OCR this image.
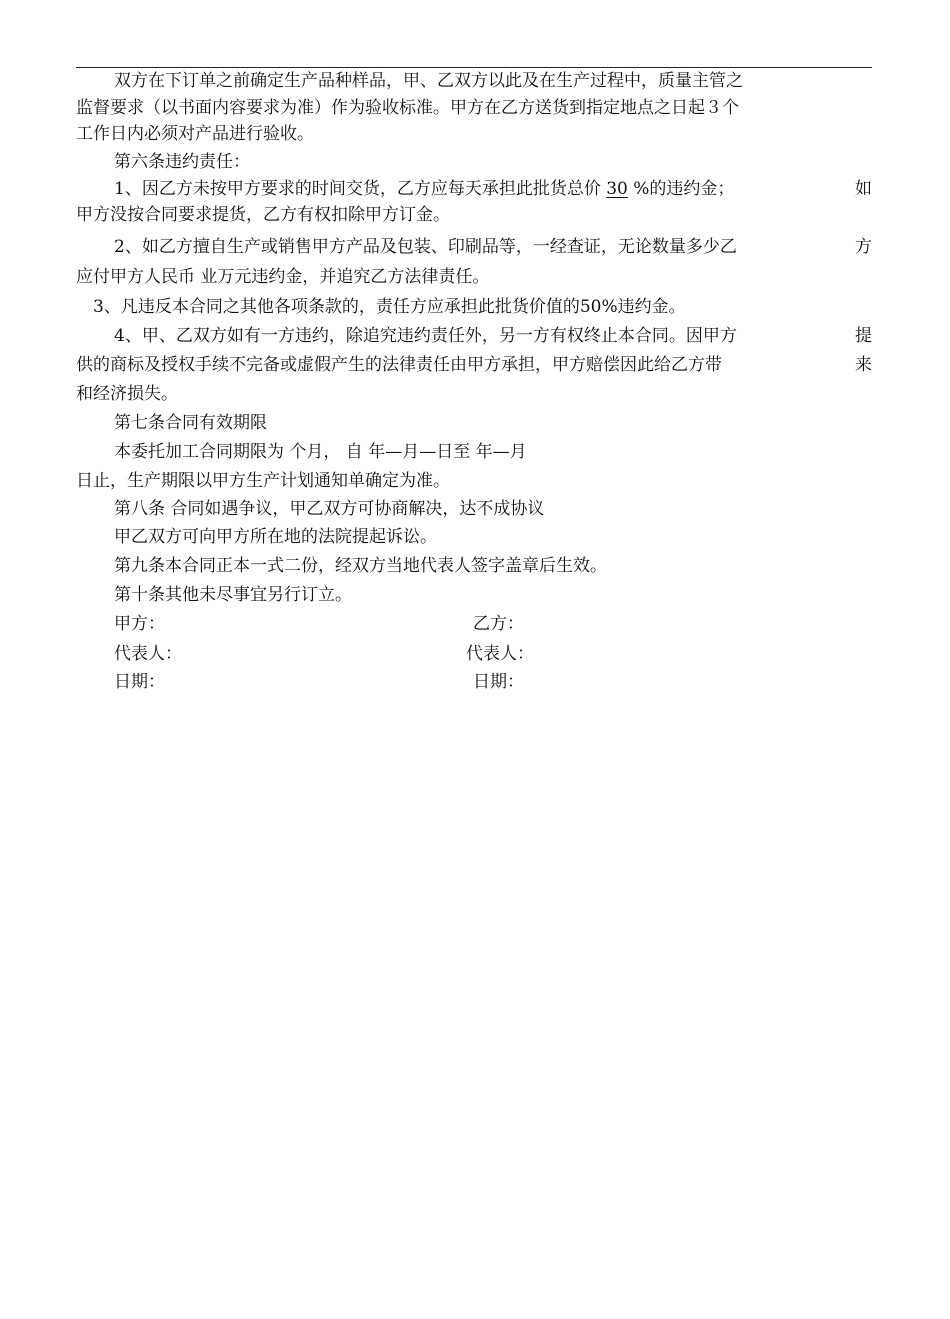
双方在下订单之前确定生产品种样品，甲、乙双方以此及在生产过程中，质量主管之
监督要求（以书面内容要求为准）作为验收标准。甲方在乙方送货到指定地点之日起３个
工作日内必须对产品进行验收。
第六条违约责任：
1、因乙方未按甲方要求的时间交货，乙方应每天承担此批货总价 30 %的违约金；	如
甲方没按合同要求提货，乙方有权扣除甲方订金。
2、如乙方擅自生产或销售甲方产品及包装、印刷品等，一经查证，无论数量多少乙	方
应付甲方人民币 业万元违约金，并追究乙方法律责任。
3、凡违反本合同之其他各项条款的，责任方应承担此批货价值的50%违约金。
4、甲、乙双方如有一方违约，除追究违约责任外，另一方有权终止本合同。因甲方	提
供的商标及授权手续不完备或虚假产生的法律责任由甲方承担，甲方赔偿因此给乙方带	来
和经济损失。
第七条合同有效期限
本委托加工合同期限为 个月， 自 年—月—日至 年—月
日止，生产期限以甲方生产计划通知单确定为准。
第八条 合同如遇争议，甲乙双方可协商解决，达不成协议
甲乙双方可向甲方所在地的法院提起诉讼。
第九条本合同正本一式二份，经双方当地代表人签字盖章后生效。
第十条其他未尽事宜另行订立。
甲方：	乙方：
代表人：	代表人：
日期：	日期：
